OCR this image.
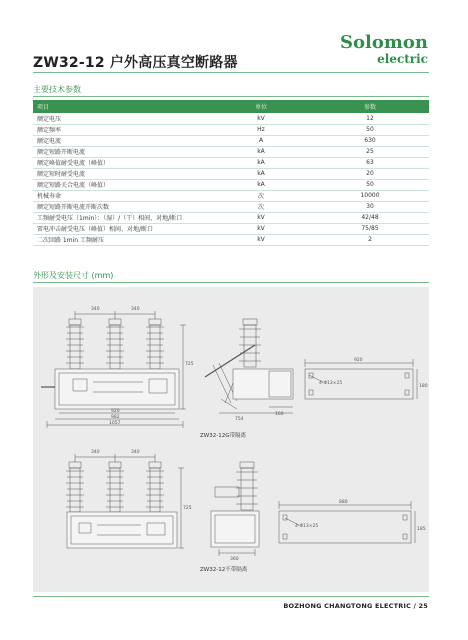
ZW32-12 户外高压真空断路器
Solomon
electric
主要技术参数
项目	单位	参数
额定电压	kV	12
额定频率	Hz	50
额定电流	A	630
额定短路开断电流	kA	25
额定峰值耐受电流（峰值）	kA	63
额定短时耐受电流	kA	20
额定短路关合电流（峰值）	kA	50
机械寿命	次	10000
额定短路开断电流开断次数	次	30
工频耐受电压（1min）：（湿）/（干）相间、对地/断口	kV	42/48
雷电冲击耐受电压（峰值）相间、对地/断口	kV	75/85
二次回路 1min 工频耐压	kV	2
外形及安装尺寸 (mm)
340	340
725
920
982
1057
754
160
920
180
4-Φ13×25
ZW32-12G带隔离
340	340
725
360
880
185
4-Φ13×25
ZW32-12不带隔离
BOZHONG CHANGTONG ELECTRIC / 25
